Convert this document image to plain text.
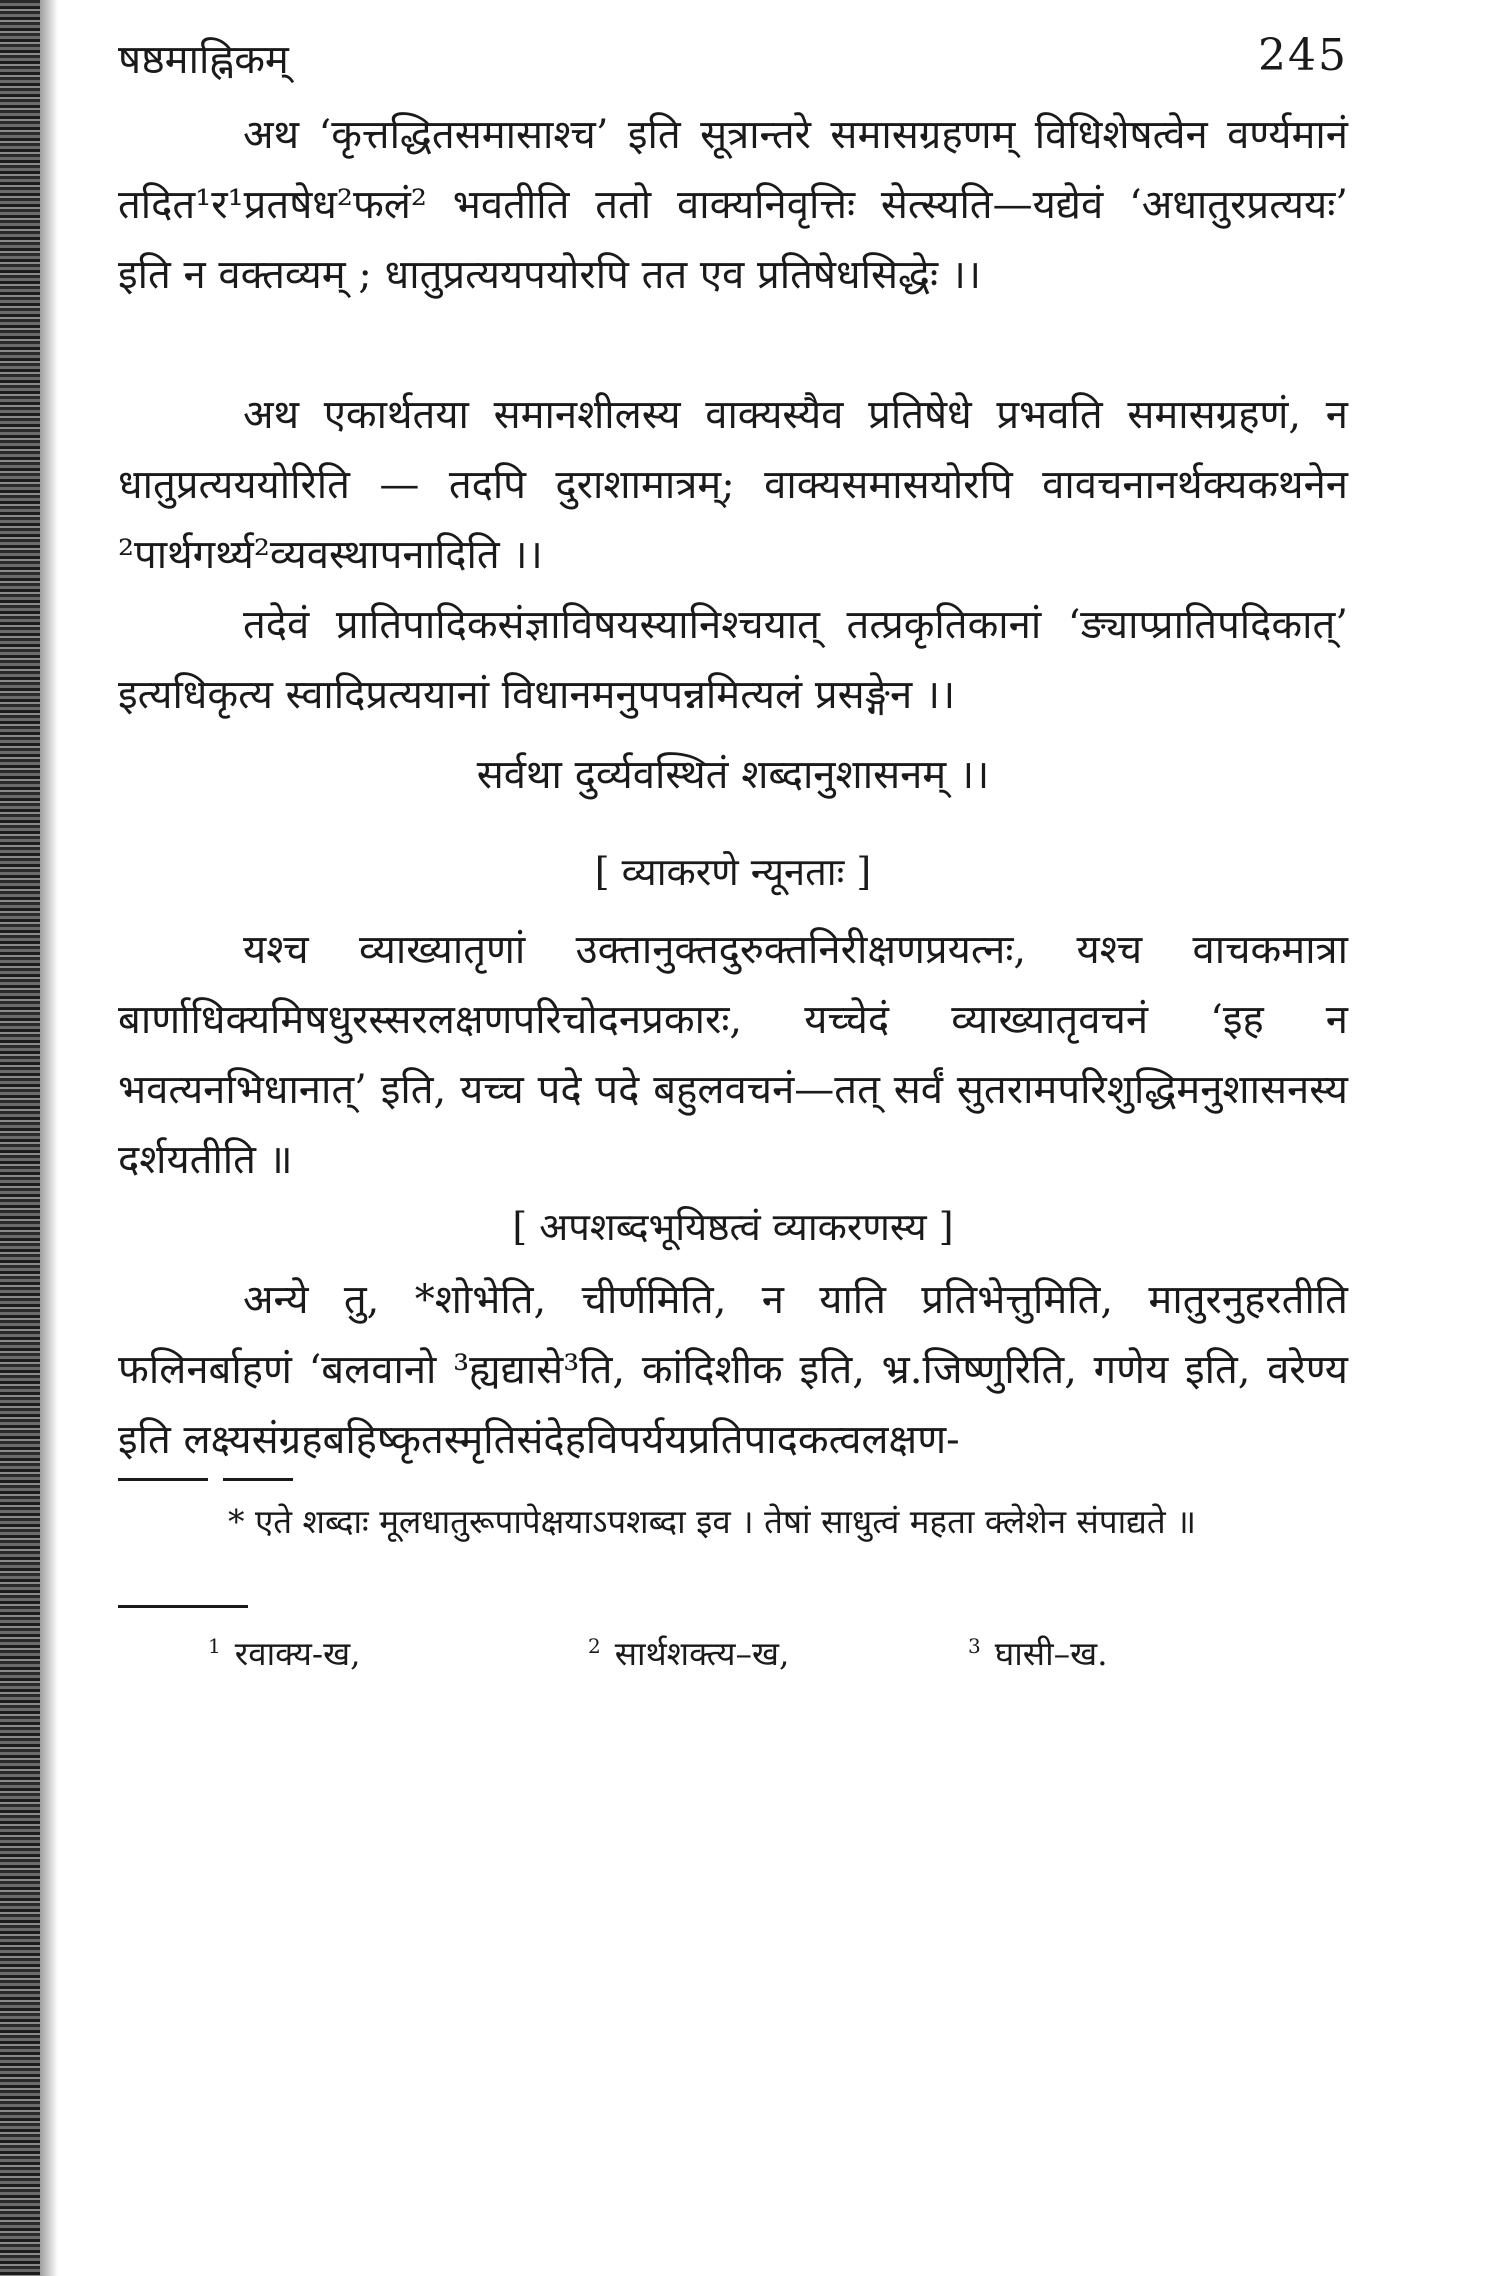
षष्ठमाह्निकम्	245
अथ ‘कृत्तद्धितसमासाश्च’ इति सूत्रान्तरे समासग्रहणम् विधिशेषत्वेन वर्ण्यमानं तदित¹र¹प्रतषेध²फलं² भवतीति ततो वाक्यनिवृत्तिः सेत्स्यति—यद्येवं ‘अधातुरप्रत्ययः’ इति न वक्तव्यम् ; धातुप्रत्ययपयोरपि तत एव प्रतिषेधसिद्धेः ।।
अथ एकार्थतया समानशीलस्य वाक्यस्यैव प्रतिषेधे प्रभवति समासग्रहणं, न धातुप्रत्यययोरिति — तदपि दुराशामात्रम्; वाक्यसमासयोरपि वावचनानर्थक्यकथनेन ²पार्थगर्थ्य²व्यवस्थापनादिति ।।
तदेवं प्रातिपादिकसंज्ञाविषयस्यानिश्चयात् तत्प्रकृतिकानां ‘ङ्याप्प्रातिपदिकात्’ इत्यधिकृत्य स्वादिप्रत्ययानां विधानमनुपपन्नमित्यलं प्रसङ्गेन ।।
सर्वथा दुर्व्यवस्थितं शब्दानुशासनम् ।।
[ व्याकरणे न्यूनताः ]
यश्च व्याख्यातृणां उक्तानुक्तदुरुक्तनिरीक्षणप्रयत्नः, यश्च वाचकमात्रा बार्णाधिक्यमिषधुरस्सरलक्षणपरिचोदनप्रकारः, यच्चेदं व्याख्यातृवचनं ‘इह न भवत्यनभिधानात्’ इति, यच्च पदे पदे बहुलवचनं—तत् सर्वं सुतरामपरिशुद्धिमनुशासनस्य दर्शयतीति ॥
[ अपशब्दभूयिष्ठत्वं व्याकरणस्य ]
अन्ये तु, *शोभेति, चीर्णमिति, न याति प्रतिभेत्तुमिति, मातुरनुहरतीति फलिनर्बाहणं ‘बलवानो ³ह्यद्यासे³ति, कांदिशीक इति, भ्र.जिष्णुरिति, गणेय इति, वरेण्य इति लक्ष्यसंग्रहबहिष्कृतस्मृतिसंदेहविपर्ययप्रतिपादकत्वलक्षण-
* एते शब्दाः मूलधातुरूपापेक्षयाऽपशब्दा इव । तेषां साधुत्वं महता क्लेशेन संपाद्यते ॥
$^1$ रवाक्य-ख,	$^2$ सार्थशक्त्य–ख,	$^3$ घासी–ख.
